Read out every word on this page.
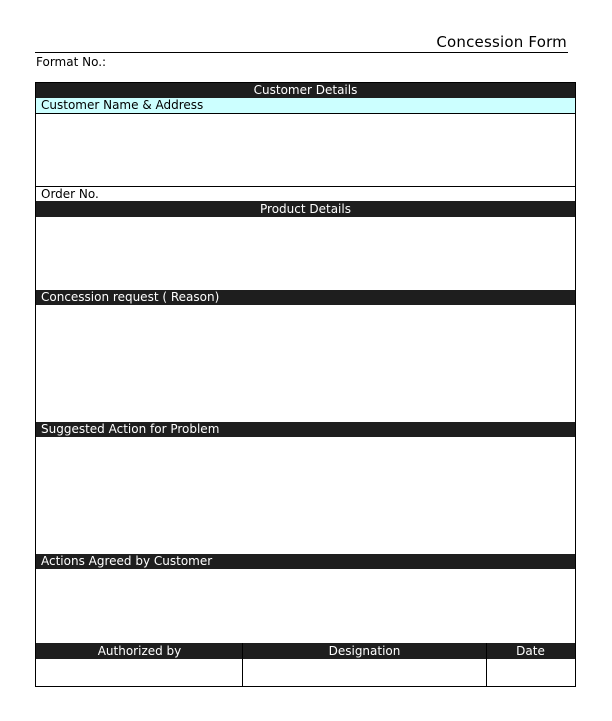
Concession Form
Format No.:
Customer Details
Customer Name & Address
Order No.
Product Details
Concession request ( Reason)
Suggested Action for Problem
Actions Agreed by Customer
Authorized by	Designation	Date
